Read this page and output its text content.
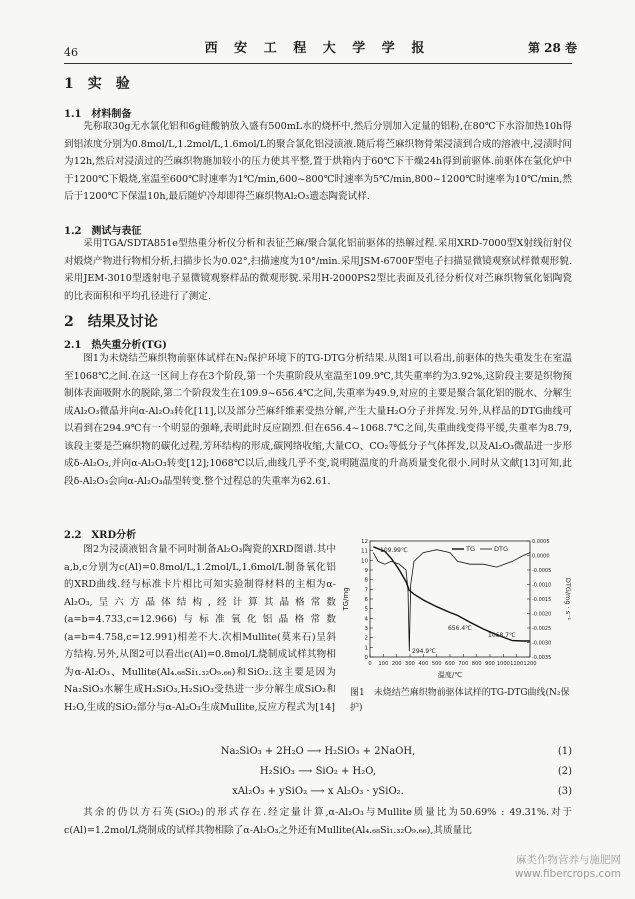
46	西 安 工 程 大 学 学 报	第 28 卷
1　实　验
1.1　材料制备

先称取30g无水氯化铝和6g硅酸钠放入盛有500mL水的烧杯中,然后分别加入定量的铝粉,在80℃下水浴加热10h得到铝浓度分别为0.8mol/L,1.2mol/L,1.6mol/L的聚合氯化铝浸渍液.随后将苎麻织物骨架浸渍到合成的溶液中,浸渍时间为12h,然后对浸渍过的苎麻织物施加较小的压力使其平整,置于烘箱内于60℃下干燥24h得到前驱体.前驱体在氩化炉中于1200℃下煅烧,室温至600℃时速率为1℃/min,600~800℃时速率为5℃/min,800~1200℃时速率为10℃/min,然后于1200℃下保温10h,最后随炉冷却即得苎麻织物Al₂O₃遗态陶瓷试样.

1.2　测试与表征

采用TGA/SDTA851e型热重分析仪分析和表征苎麻/聚合氯化铝前驱体的热解过程.采用XRD-7000型X射线衍射仪对煅烧产物进行物相分析,扫描步长为0.02°,扫描速度为10°/min.采用JSM-6700F型电子扫描显微镜观察试样微观形貌.采用JEM-3010型透射电子显微镜观察样品的微观形貌.采用H-2000PS2型比表面及孔径分析仪对苎麻织物氧化铝陶瓷的比表面积和平均孔径进行了测定.

2　结果及讨论
2.1　热失重分析(TG)

图1为未烧结苎麻织物前驱体试样在N₂保护环境下的TG-DTG分析结果.从图1可以看出,前驱体的热失重发生在室温至1068℃之间.在这一区间上存在3个阶段,第一个失重阶段从室温至109.9℃,其失重率约为3.92%,这阶段主要是织物预制体表面吸附水的脱除,第二个阶段发生在109.9~656.4℃之间,失重率为49.9,对应的主要是聚合氯化铝的脱水、分解生成Al₂O₃微晶并向α-Al₂O₃转化[11],以及部分苎麻纤维素受热分解,产生大量H₂O分子并挥发.另外,从样品的DTG曲线可以看到在294.9℃有一个明显的强峰,表明此时反应剧烈.但在656.4~1068.7℃之间,失重曲线变得平缓,失重率为8.79,该段主要是苎麻织物的碳化过程,芳环结构的形成,碳网络收缩,大量CO、CO₂等低分子气体挥发,以及Al₂O₃微晶进一步形成δ-Al₂O₃,并向α-Al₂O₃转变[12];1068℃以后,曲线几乎不变,说明随温度的升高质量变化很小.同时从文献[13]可知,此段δ-Al₂O₃会向α-Al₂O₃晶型转变.整个过程总的失重率为62.61.

2.2　XRD分析

图2为浸渍液铝含量不同时制备Al₂O₃陶瓷的XRD图谱.其中a,b,c分别为c(Al)=0.8mol/L,1.2mol/L,1.6mol/L制备氧化铝的XRD曲线.经与标准卡片相比可知实验制得材料的主相为α-Al₂O₃,呈六方晶体结构,经计算其晶格常数(a=b=4.733,c=12.966)与标准氧化铝晶格常数(a=b=4.758,c=12.991)相差不大.次相Mullite(莫来石)呈斜方结构.另外,从图2可以看出c(Al)=0.8mol/L烧制成试样其物相为α-Al₂O₃、Mullite(Al₄.₆₈Si₁.₃₂O₉.₆₆)和SiO₂.这主要是因为Na₂SiO₃水解生成H₂SiO₃,H₂SiO₃受热进一步分解生成SiO₂和H₂O,生成的SiO₂部分与α-Al₂O₃生成Mullite,反应方程式为[14]

Na₂SiO₃ + 2H₂O ⟶ H₂SiO₃ + 2NaOH,	(1)
H₂SiO₃ ⟶ SiO₂ + H₂O,	(2)
xAl₂O₃ + ySiO₂ ⟶ x Al₂O₃ · ySiO₂.	(3)

其余的仍以方石英(SiO₂)的形式存在.经定量计算,α-Al₂O₃与Mullite质量比为50.69% : 49.31%.对于c(Al)=1.2mol/L烧制成的试样其物相除了α-Al₂O₃之外还有Mullite(Al₄.₆₈Si₁.₃₂O₉.₆₆),其质量比

0 100 200 300 400 500 600 700 800 900 1000 1100 1200
0
1
2
3
4
5
6
7
8
9
10
11
12	0.0005
0.0000
-0.0005
-0.0010
-0.0015
-0.0020
-0.0025
-0.0030
-0.0035
温度/℃
TG/mg	DTG/mg · s⁻¹
TG	DTG
109.99℃
294.9℃
656.4℃
1068.7℃
图1　未烧结苎麻织物前驱体试样的TG-DTG曲线(N₂保护)
麻类作物营养与施肥网
www.fibercrops.com
